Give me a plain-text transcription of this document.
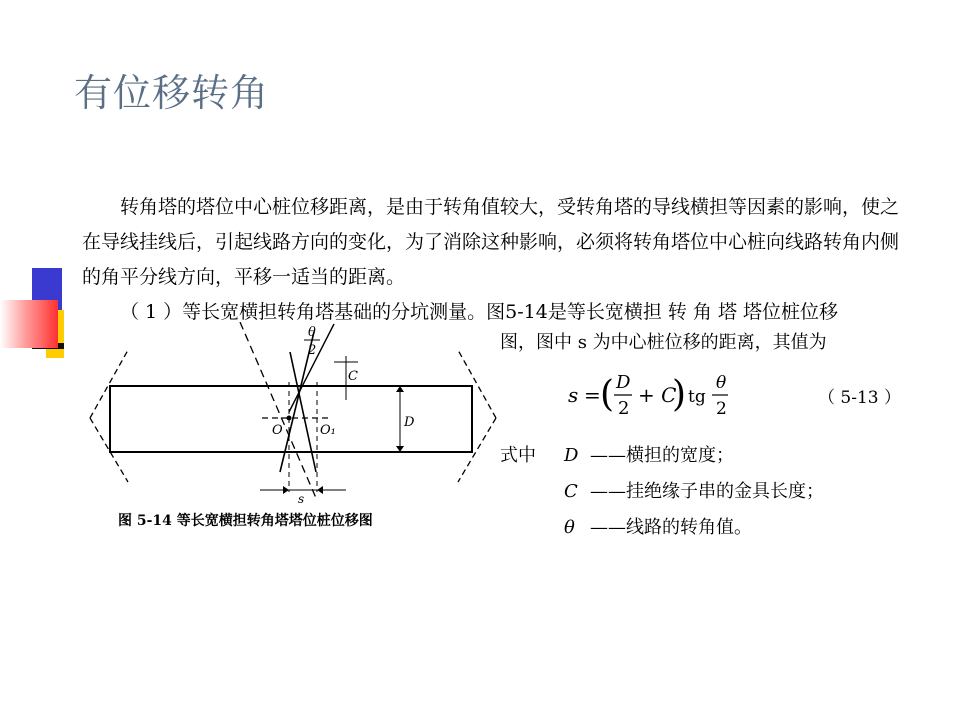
有位移转角

转角塔的塔位中心桩位移距离，是由于转角值较大，受转角塔的导线横担等因素的影响，使之在导线挂线后，引起线路方向的变化，为了消除这种影响，必须将转角塔位中心桩向线路转角内侧的角平分线方向，平移一适当的距离。

（ 1 ）等长宽横担转角塔基础的分坑测量。图5-14是等长宽横担 转 角 塔 塔位桩位移

θ
2
C
D
O	O₁
s
图 5-14 等长宽横担转角塔塔位桩位移图
图，图中 s 为中心桩位移的距离，其值为
s = ( D
2
+ C
) tg
θ
2
（ 5-13 ）
式中	D ——横担的宽度；
C ——挂绝缘子串的金具长度；
θ ——线路的转角值。
